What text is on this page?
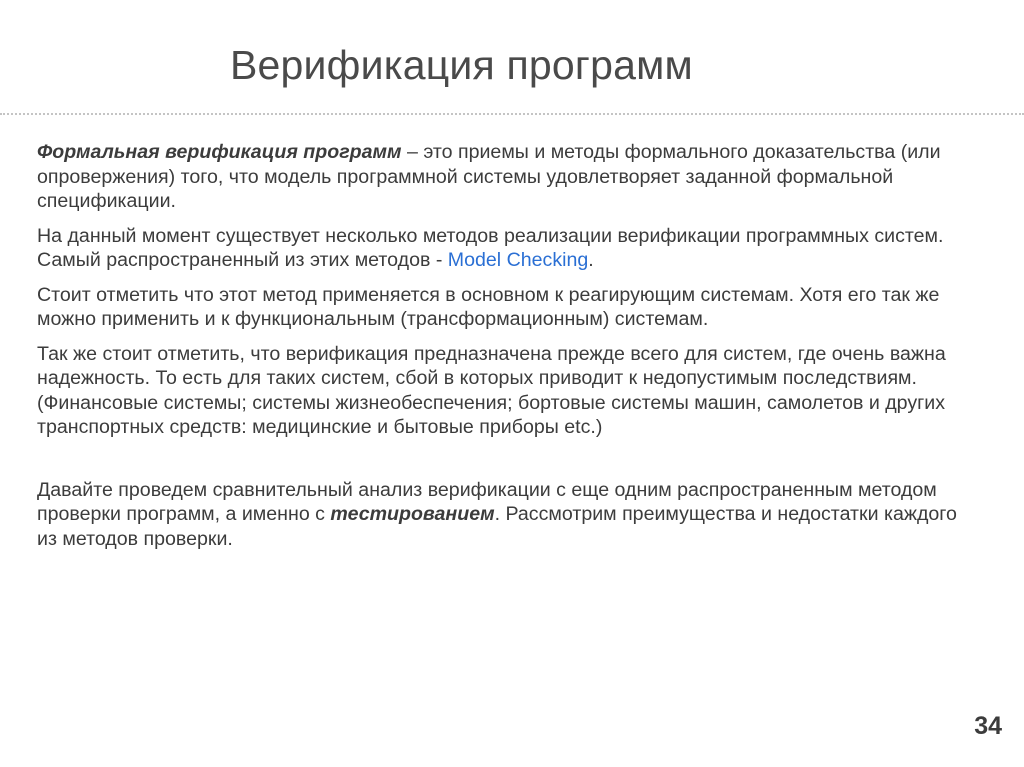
Верификация программ

Формальная верификация программ – это приемы и методы формального доказательства (или опровержения) того, что модель программной системы удовлетворяет заданной формальной спецификации.

На данный момент существует несколько методов реализации верификации программных систем. Самый распространенный из этих методов - Model Checking.

Стоит отметить что этот метод применяется в основном к реагирующим системам. Хотя его так же можно применить и к функциональным (трансформационным) системам.

Так же стоит отметить, что верификация предназначена прежде всего для систем, где очень важна надежность. То есть для таких систем, сбой в которых приводит к недопустимым последствиям. (Финансовые системы; системы жизнеобеспечения; бортовые системы машин, самолетов и других транспортных средств: медицинские и бытовые приборы etc.)

Давайте проведем сравнительный анализ верификации с еще одним распространенным методом проверки программ, а именно с тестированием. Рассмотрим преимущества и недостатки каждого из методов проверки.

34
